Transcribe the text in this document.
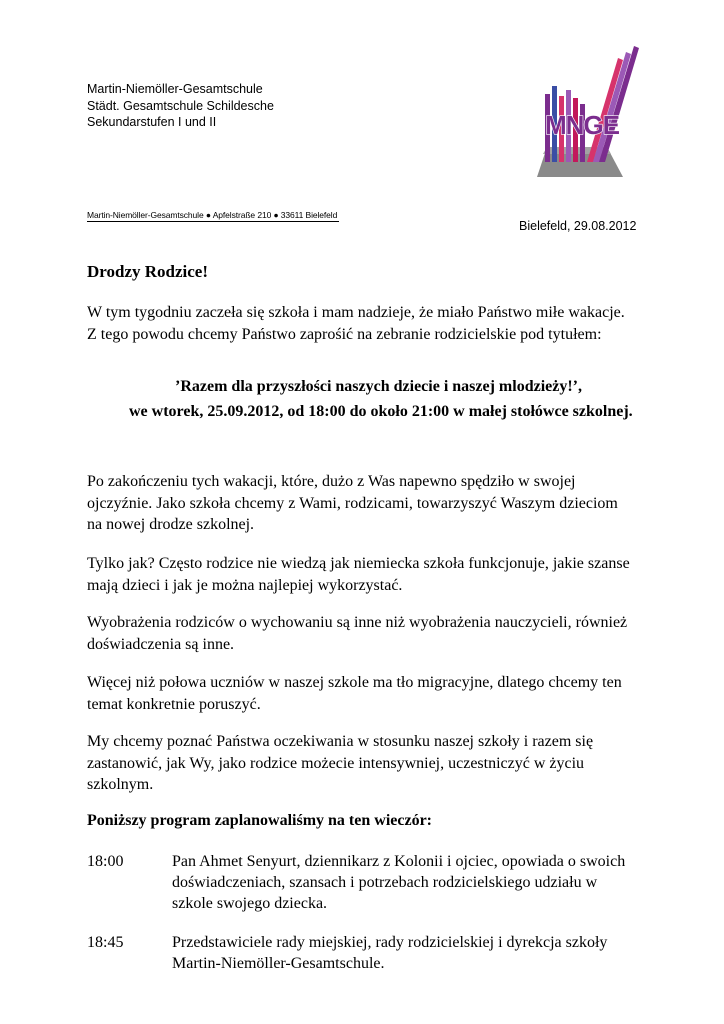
Martin-Niemöller-Gesamtschule
Städt. Gesamtschule Schildesche
Sekundarstufen I und II	MNGE
Martin-Niemöller-Gesamtschule ● Apfelstraße 210 ● 33611 Bielefeld
Bielefeld, 29.08.2012
Drodzy Rodzice!
W tym tygodniu zaczeła się szkoła i mam nadzieje, że miało Państwo miłe wakacje.
Z tego powodu chcemy Państwo zaprośić na zebranie rodzicielskie pod tytułem:
’Razem dla przyszłości naszych dziecie i naszej mlodzieży!’,
we wtorek, 25.09.2012, od 18:00 do około 21:00 w małej stołówce szkolnej.
Po zakończeniu tych wakacji, które, dużo z Was napewno spędziło w swojej
ojczyźnie. Jako szkoła chcemy z Wami, rodzicami, towarzyszyć Waszym dzieciom
na nowej drodze szkolnej.
Tylko jak? Często rodzice nie wiedzą jak niemiecka szkoła funkcjonuje, jakie szanse
mają dzieci i jak je można najlepiej wykorzystać.
Wyobrażenia rodziców o wychowaniu są inne niż wyobrażenia nauczycieli, również
doświadczenia są inne.
Więcej niż połowa uczniów w naszej szkole ma tło migracyjne, dlatego chcemy ten
temat konkretnie poruszyć.
My chcemy poznać Państwa oczekiwania w stosunku naszej szkoły i razem się
zastanowić, jak Wy, jako rodzice możecie intensywniej, uczestniczyć w życiu
szkolnym.
Poniższy program zaplanowaliśmy na ten wieczór:
18:00	Pan Ahmet Senyurt, dziennikarz z Kolonii i ojciec, opowiada o swoich
doświadczeniach, szansach i potrzebach rodzicielskiego udziału w
szkole swojego dziecka.
18:45	Przedstawiciele rady miejskiej, rady rodzicielskiej i dyrekcja szkoły
Martin-Niemöller-Gesamtschule.
